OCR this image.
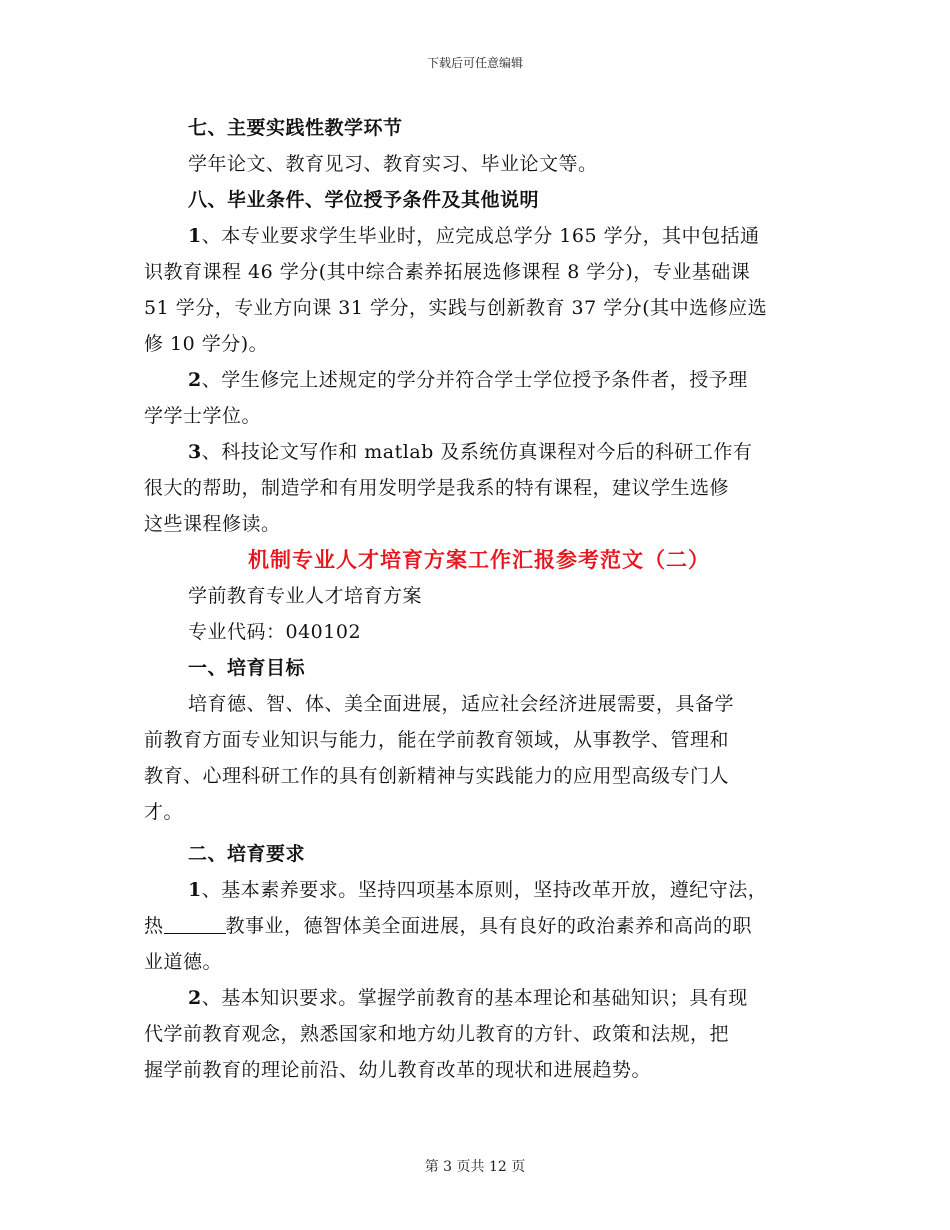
下载后可任意编辑
七、主要实践性教学环节
学年论文、教育见习、教育实习、毕业论文等。
八、毕业条件、学位授予条件及其他说明
1、本专业要求学生毕业时，应完成总学分 165 学分，其中包括通
识教育课程 46 学分(其中综合素养拓展选修课程 8 学分)，专业基础课
51 学分，专业方向课 31 学分，实践与创新教育 37 学分(其中选修应选
修 10 学分)。
2、学生修完上述规定的学分并符合学士学位授予条件者，授予理
学学士学位。
3、科技论文写作和 matlab 及系统仿真课程对今后的科研工作有
很大的帮助，制造学和有用发明学是我系的特有课程，建议学生选修
这些课程修读。
机制专业人才培育方案工作汇报参考范文（二）
学前教育专业人才培育方案
专业代码：040102
一、培育目标
培育德、智、体、美全面进展，适应社会经济进展需要，具备学
前教育方面专业知识与能力，能在学前教育领域，从事教学、管理和
教育、心理科研工作的具有创新精神与实践能力的应用型高级专门人
才。
二、培育要求
1、基本素养要求。坚持四项基本原则，坚持改革开放，遵纪守法，
热	教事业，德智体美全面进展，具有良好的政治素养和高尚的职
业道德。
2、基本知识要求。掌握学前教育的基本理论和基础知识；具有现
代学前教育观念，熟悉国家和地方幼儿教育的方针、政策和法规，把
握学前教育的理论前沿、幼儿教育改革的现状和进展趋势。
第 3 页共 12 页
